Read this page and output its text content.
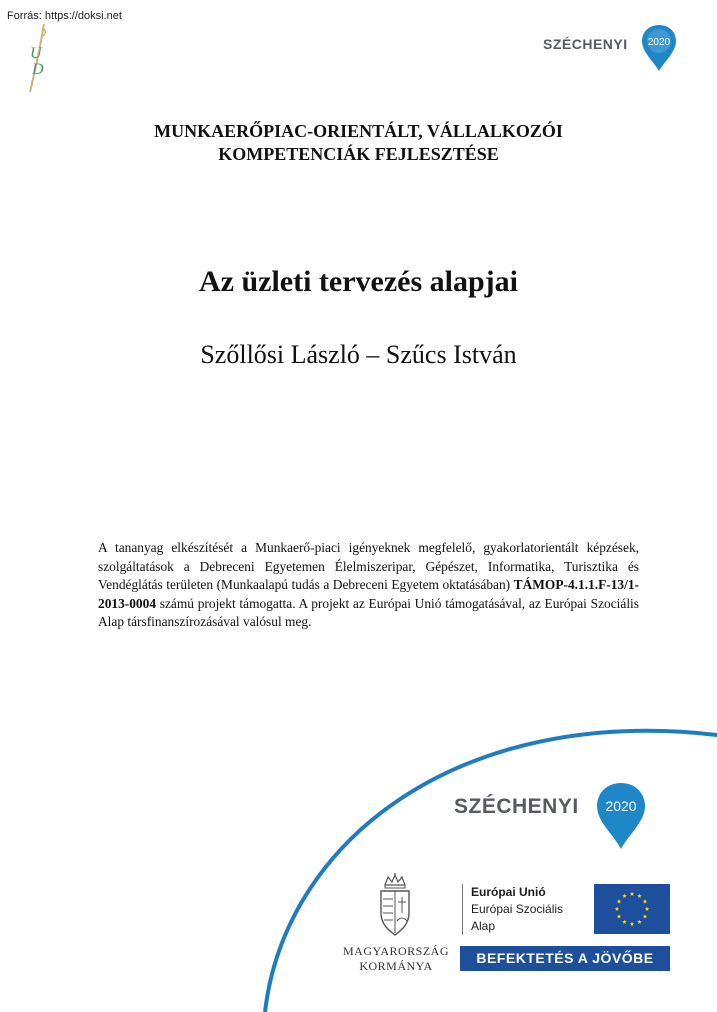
Forrás: https://doksi.net
U
D
SZÉCHENYI 2020
MUNKAERŐPIAC-ORIENTÁLT, VÁLLALKOZÓI
KOMPETENCIÁK FEJLESZTÉSE
Az üzleti tervezés alapjai
Szőllősi László – Szűcs István
A tananyag elkészítését a Munkaerő-piaci igényeknek megfelelő, gyakorlatorientált képzések, szolgáltatások a Debreceni Egyetemen Élelmiszeripar, Gépészet, Informatika, Turisztika és Vendéglátás területen (Munkaalapú tudás a Debreceni Egyetem oktatásában) TÁMOP-4.1.1.F-13/1-2013-0004 számú projekt támogatta. A projekt az Európai Unió támogatásával, az Európai Szociális Alap társfinanszírozásával valósul meg.
SZÉCHENYI 2020
MAGYARORSZÁG
KORMÁNYA
Európai Unió
Európai Szociális
Alap
BEFEKTETÉS A JÖVŐBE
